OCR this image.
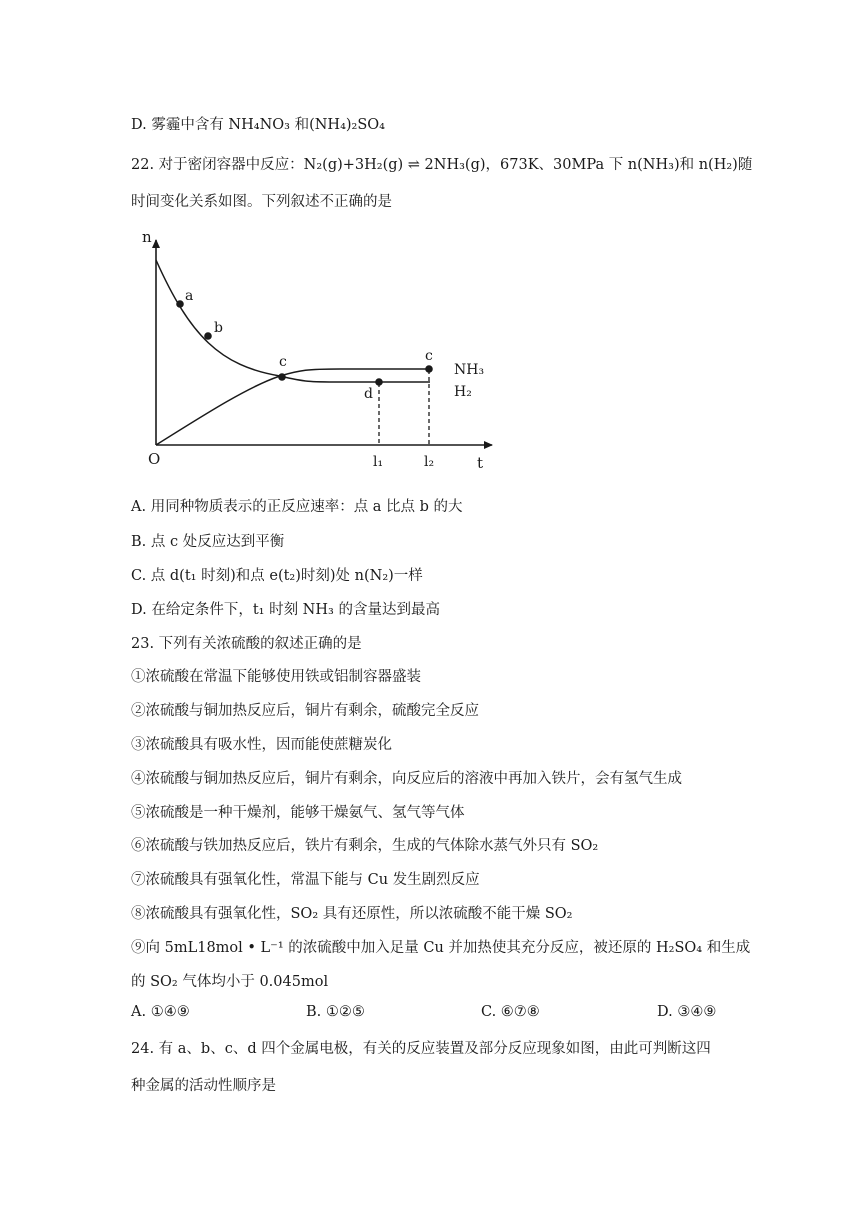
D. 雾霾中含有 NH₄NO₃ 和(NH₄)₂SO₄
22. 对于密闭容器中反应：N₂(g)+3H₂(g) ⇌ 2NH₃(g)，673K、30MPa 下 n(NH₃)和 n(H₂)随
时间变化关系如图。下列叙述不正确的是
n
t
O
a
b
c
d
c
NH₃
H₂
l₁	l₂
A. 用同种物质表示的正反应速率：点 a 比点 b 的大
B. 点 c 处反应达到平衡
C. 点 d(t₁ 时刻)和点 e(t₂)时刻)处 n(N₂)一样
D. 在给定条件下，t₁ 时刻 NH₃ 的含量达到最高
23. 下列有关浓硫酸的叙述正确的是
①浓硫酸在常温下能够使用铁或铝制容器盛装
②浓硫酸与铜加热反应后，铜片有剩余，硫酸完全反应
③浓硫酸具有吸水性，因而能使蔗糖炭化
④浓硫酸与铜加热反应后，铜片有剩余，向反应后的溶液中再加入铁片，会有氢气生成
⑤浓硫酸是一种干燥剂，能够干燥氨气、氢气等气体
⑥浓硫酸与铁加热反应后，铁片有剩余，生成的气体除水蒸气外只有 SO₂
⑦浓硫酸具有强氧化性，常温下能与 Cu 发生剧烈反应
⑧浓硫酸具有强氧化性，SO₂ 具有还原性，所以浓硫酸不能干燥 SO₂
⑨向 5mL18mol • L⁻¹ 的浓硫酸中加入足量 Cu 并加热使其充分反应，被还原的 H₂SO₄ 和生成
的 SO₂ 气体均小于 0.045mol
A. ①④⑨	B. ①②⑤	C. ⑥⑦⑧	D. ③④⑨
24. 有 a、b、c、d 四个金属电极，有关的反应装置及部分反应现象如图，由此可判断这四
种金属的活动性顺序是
